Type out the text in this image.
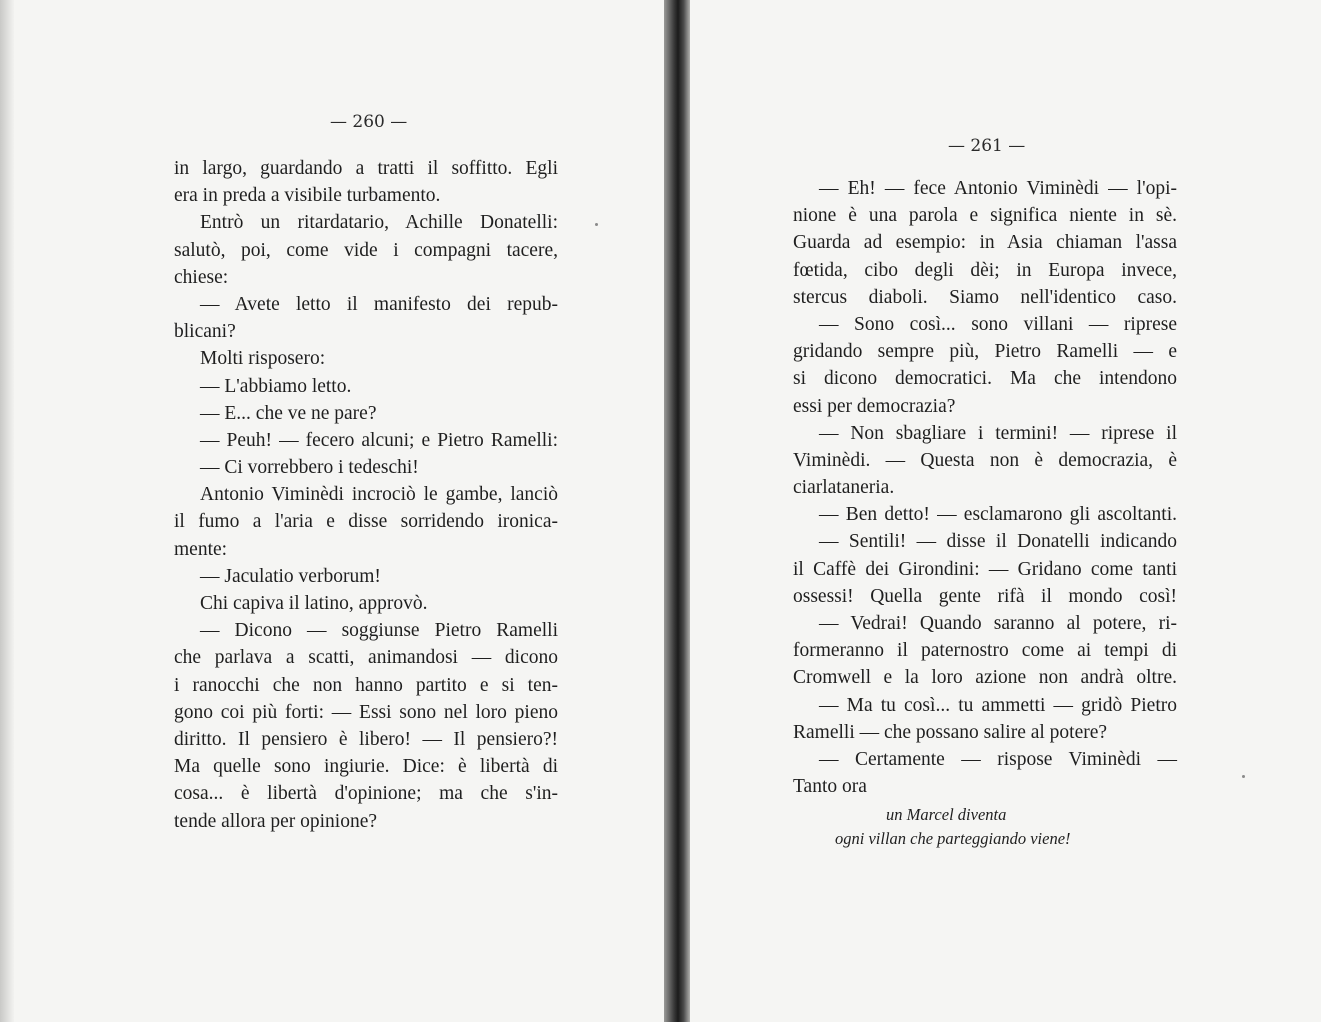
— 260 —
in largo, guardando a tratti il soffitto. Egli
era in preda a visibile turbamento.
Entrò un ritardatario, Achille Donatelli:
salutò, poi, come vide i compagni tacere,
chiese:
— Avete letto il manifesto dei repub-
blicani?
Molti risposero:
— L'abbiamo letto.
— E... che ve ne pare?
— Peuh! — fecero alcuni; e Pietro Ramelli:
— Ci vorrebbero i tedeschi!
Antonio Viminèdi incrociò le gambe, lanciò
il fumo a l'aria e disse sorridendo ironica-
mente:
— Jaculatio verborum!
Chi capiva il latino, approvò.
— Dicono — soggiunse Pietro Ramelli
che parlava a scatti, animandosi — dicono
i ranocchi che non hanno partito e si ten-
gono coi più forti: — Essi sono nel loro pieno
diritto. Il pensiero è libero! — Il pensiero?!
Ma quelle sono ingiurie. Dice: è libertà di
cosa... è libertà d'opinione; ma che s'in-
tende allora per opinione?
— 261 —
— Eh! — fece Antonio Viminèdi — l'opi-
nione è una parola e significa niente in sè.
Guarda ad esempio: in Asia chiaman l'assa
fœtida, cibo degli dèi; in Europa invece,
stercus diaboli. Siamo nell'identico caso.
— Sono così... sono villani — riprese
gridando sempre più, Pietro Ramelli — e
si dicono democratici. Ma che intendono
essi per democrazia?
— Non sbagliare i termini! — riprese il
Viminèdi. — Questa non è democrazia, è
ciarlataneria.
— Ben detto! — esclamarono gli ascoltanti.
— Sentili! — disse il Donatelli indicando
il Caffè dei Girondini: — Gridano come tanti
ossessi! Quella gente rifà il mondo così!
— Vedrai! Quando saranno al potere, ri-
formeranno il paternostro come ai tempi di
Cromwell e la loro azione non andrà oltre.
— Ma tu così... tu ammetti — gridò Pietro
Ramelli — che possano salire al potere?
— Certamente — rispose Viminèdi —
Tanto ora
un Marcel diventa
ogni villan che parteggiando viene!
